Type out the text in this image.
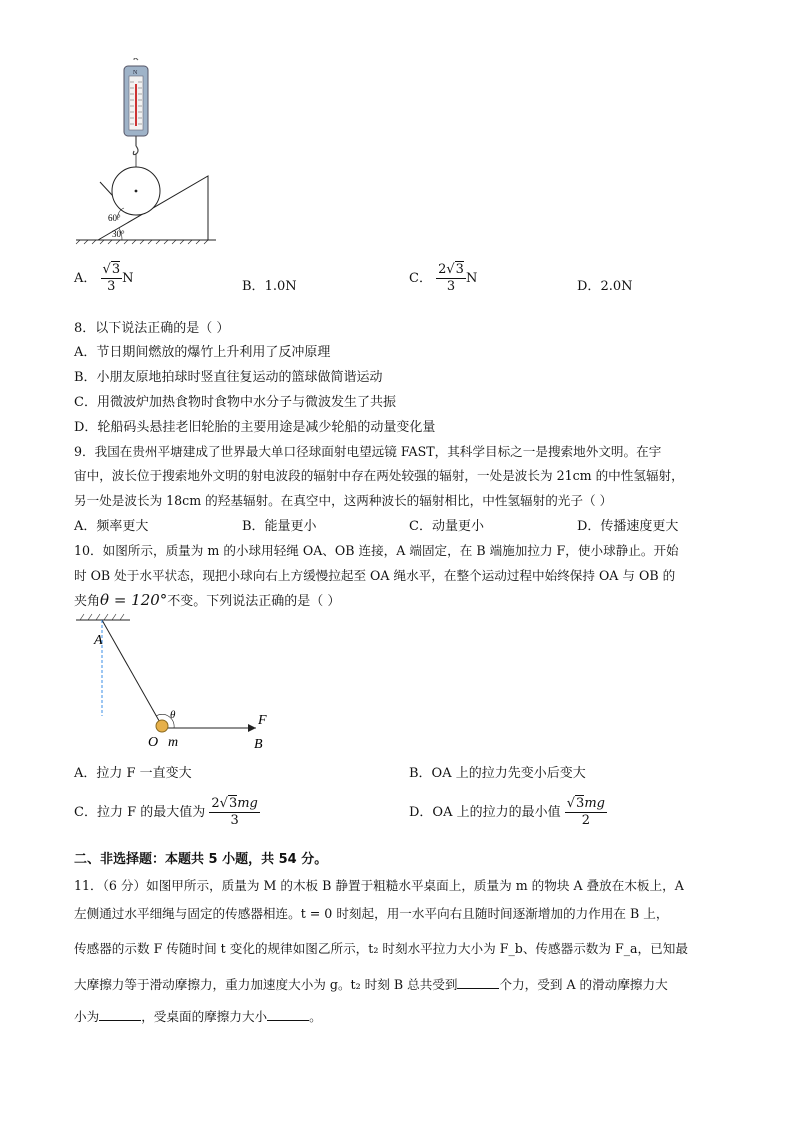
N
60°
30°
A． $\frac{√3}{3}$ N
B．1.0N
C． $\frac{2√3}{3}$ N
D．2.0N
8．以下说法正确的是（ ）
A．节日期间燃放的爆竹上升利用了反冲原理
B．小朋友原地拍球时竖直往复运动的篮球做简谐运动
C．用微波炉加热食物时食物中水分子与微波发生了共振
D．轮船码头悬挂老旧轮胎的主要用途是减少轮船的动量变化量
9．我国在贵州平塘建成了世界最大单口径球面射电望远镜 FAST，其科学目标之一是搜索地外文明。在宇
宙中，波长位于搜索地外文明的射电波段的辐射中存在两处较强的辐射，一处是波长为 21cm 的中性氢辐射，
另一处是波长为 18cm 的羟基辐射。在真空中，这两种波长的辐射相比，中性氢辐射的光子（ ）
A．频率更大	B．能量更小	C．动量更小	D．传播速度更大
10．如图所示，质量为 m 的小球用轻绳 OA、OB 连接，A 端固定，在 B 端施加拉力 F，使小球静止。开始
时 OB 处于水平状态，现把小球向右上方缓慢拉起至 OA 绳水平，在整个运动过程中始终保持 OA 与 OB 的
夹角θ = 120°不变。下列说法正确的是（ ）
A
θ
O m
F
B
A．拉力 F 一直变大	B．OA 上的拉力先变小后变大
C．拉力 F 的最大值为 $\frac{2√3mg}{3}$	D．OA 上的拉力的最小值 $\frac{√3mg}{2}$
二、非选择题：本题共 5 小题，共 54 分。
11．（6 分）如图甲所示，质量为 M 的木板 B 静置于粗糙水平桌面上，质量为 m 的物块 A 叠放在木板上，A
左侧通过水平细绳与固定的传感器相连。t = 0 时刻起，用一水平向右且随时间逐渐增加的力作用在 B 上，
传感器的示数 F 传随时间 t 变化的规律如图乙所示，t₂ 时刻水平拉力大小为 F_b、传感器示数为 F_a，已知最
大摩擦力等于滑动摩擦力，重力加速度大小为 g。t₂ 时刻 B 总共受到	个力，受到 A 的滑动摩擦力大
小为	，受桌面的摩擦力大小	。
